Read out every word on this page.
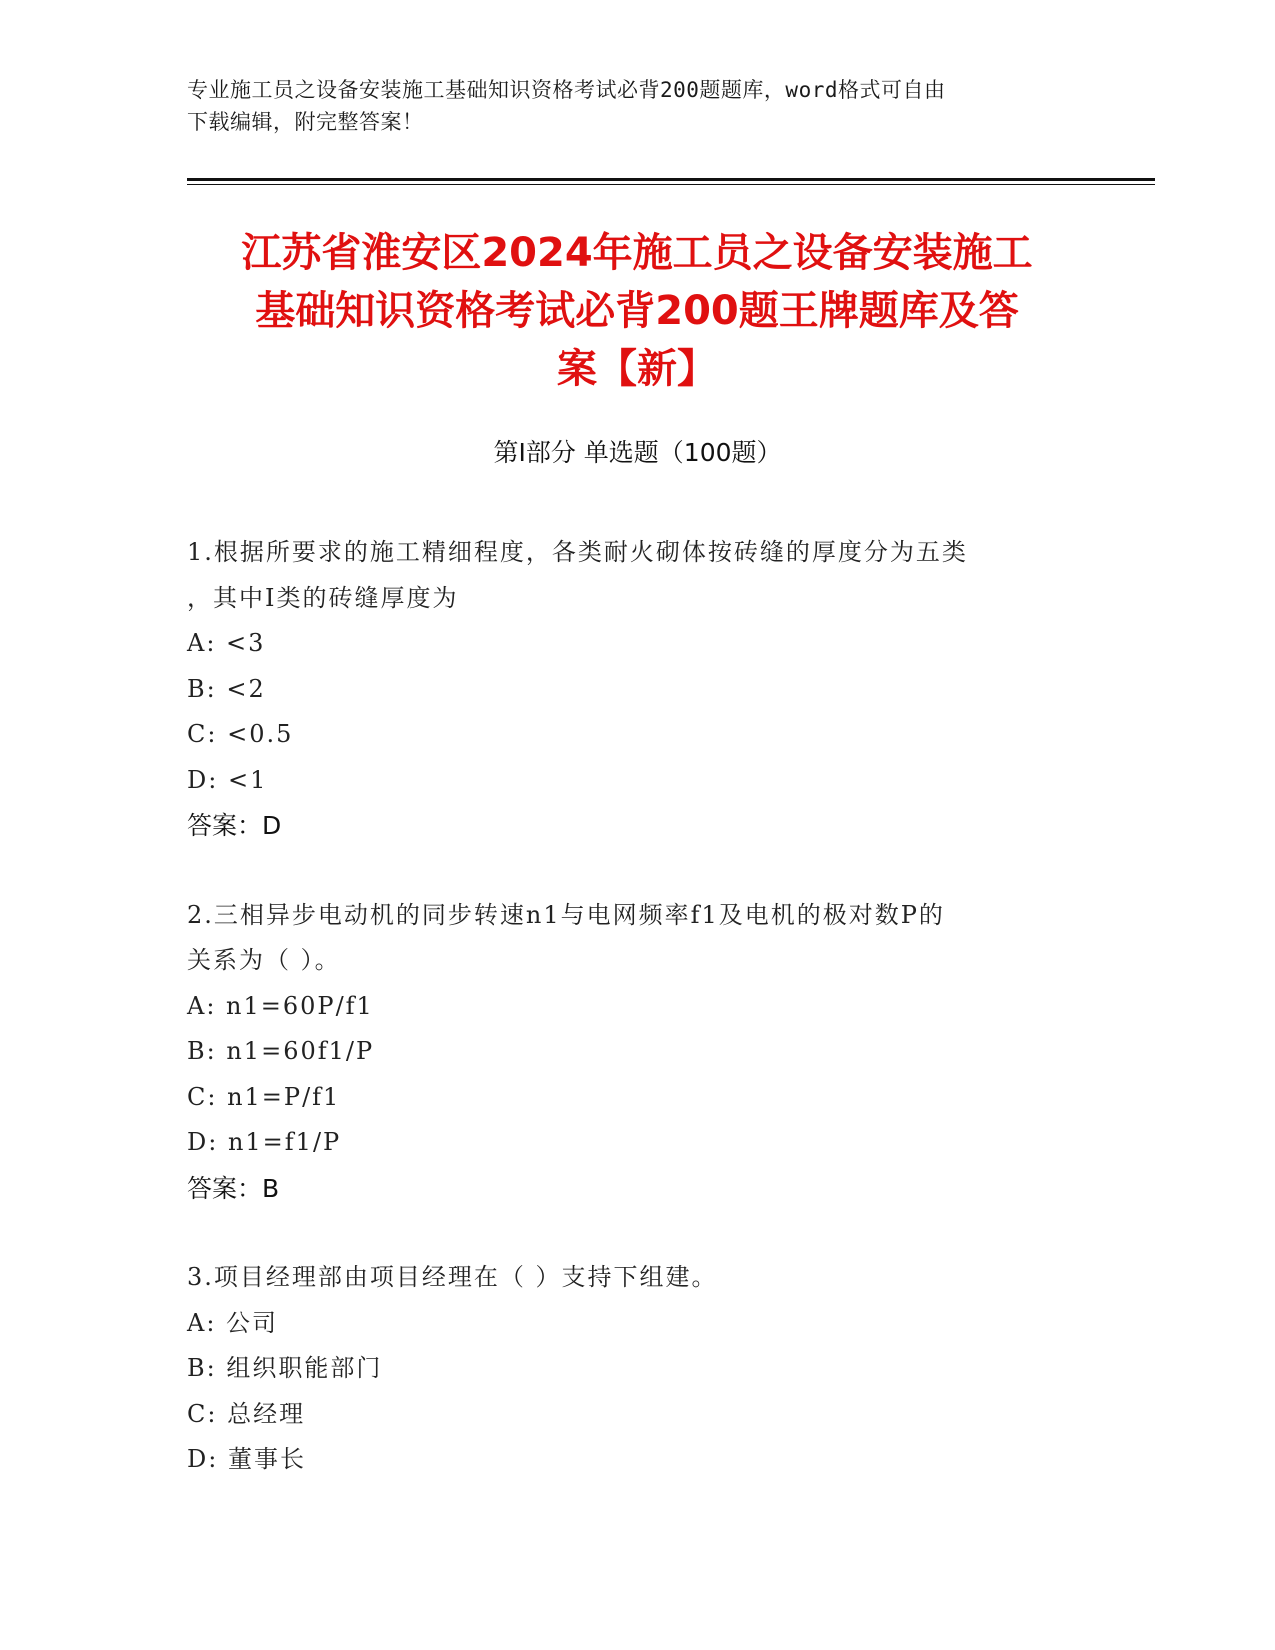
专业施工员之设备安装施工基础知识资格考试必背200题题库，word格式可自由
下载编辑，附完整答案！
江苏省淮安区2024年施工员之设备安装施工
基础知识资格考试必背200题王牌题库及答
案【新】
第I部分 单选题（100题）
1.根据所要求的施工精细程度，各类耐火砌体按砖缝的厚度分为五类
，其中Ⅰ类的砖缝厚度为
A: <3
B: <2
C: <0.5
D: <1
答案：D
2.三相异步电动机的同步转速n1与电网频率f1及电机的极对数P的
关系为（ ）。
A: n1=60P/f1
B: n1=60f1/P
C: n1=P/f1
D: n1=f1/P
答案：B
3.项目经理部由项目经理在（ ）支持下组建。
A: 公司
B: 组织职能部门
C: 总经理
D: 董事长
